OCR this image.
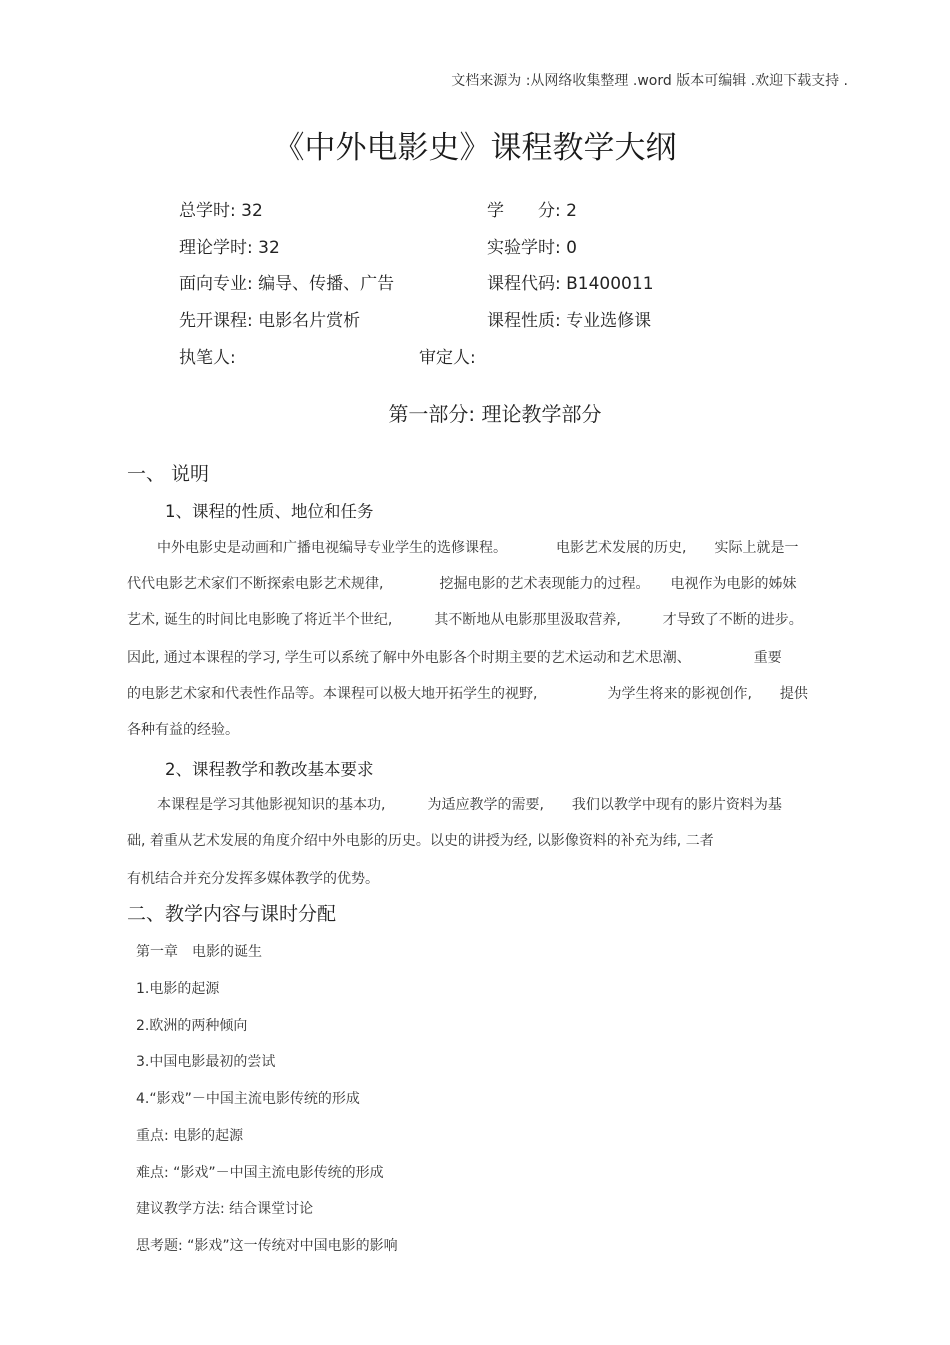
文档来源为 :从网络收集整理 .word 版本可编辑 .欢迎下载支持 .
《中外电影史》课程教学大纲
总学时: 32	学　　分: 2
理论学时: 32	实验学时: 0
面向专业: 编导、传播、广告	课程代码: B1400011
先开课程: 电影名片赏析	课程性质: 专业选修课
执笔人:	审定人:
第一部分: 理论教学部分
一、 说明
1、课程的性质、地位和任务
中外电影史是动画和广播电视编导专业学生的选修课程。　　　　电影艺术发展的历史,　　实际上就是一
代代电影艺术家们不断探索电影艺术规律,　　　　挖掘电影的艺术表现能力的过程。　　电视作为电影的姊妹
艺术, 诞生的时间比电影晚了将近半个世纪,　　　其不断地从电影那里汲取营养,　　　才导致了不断的进步。
因此, 通过本课程的学习, 学生可以系统了解中外电影各个时期主要的艺术运动和艺术思潮、　　　　　重要
的电影艺术家和代表性作品等。本课程可以极大地开拓学生的视野,　　　　　为学生将来的影视创作,　　提供
各种有益的经验。
2、课程教学和教改基本要求
本课程是学习其他影视知识的基本功,　　　为适应教学的需要,　　我们以教学中现有的影片资料为基
础, 着重从艺术发展的角度介绍中外电影的历史。以史的讲授为经, 以影像资料的补充为纬, 二者
有机结合并充分发挥多媒体教学的优势。
二、教学内容与课时分配
第一章　电影的诞生
1.电影的起源
2.欧洲的两种倾向
3.中国电影最初的尝试
4.“影戏”－中国主流电影传统的形成
重点: 电影的起源
难点: “影戏”－中国主流电影传统的形成
建议教学方法: 结合课堂讨论
思考题: “影戏”这一传统对中国电影的影响
